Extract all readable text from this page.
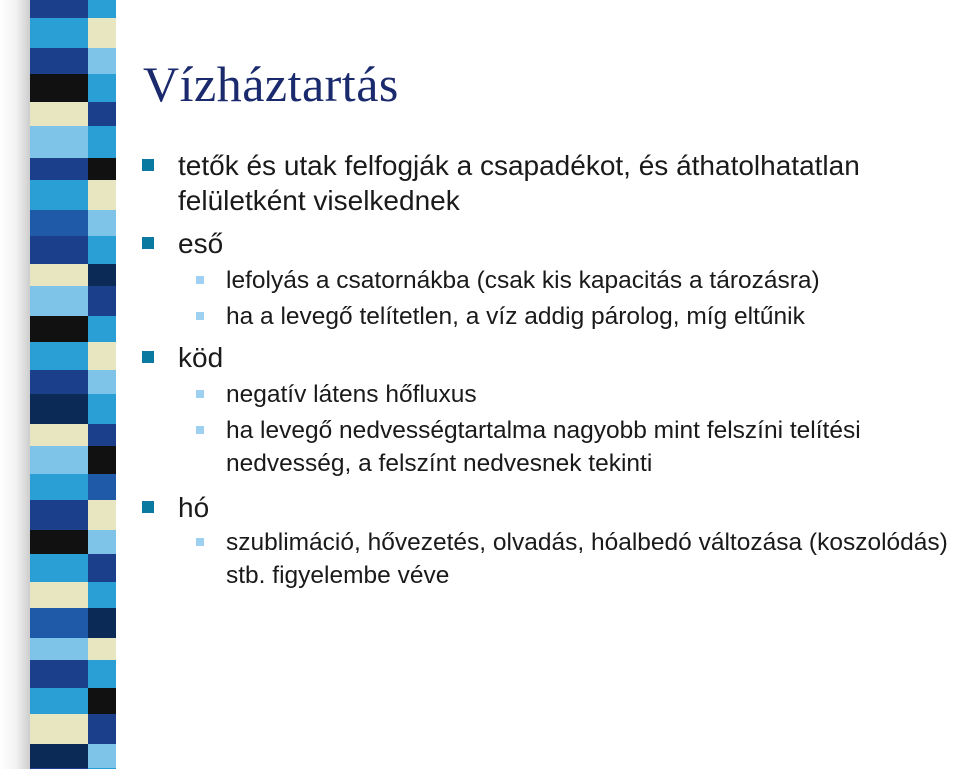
Vízháztartás
tetők és utak felfogják a csapadékot, és áthatolhatatlan felületként viselkednek
eső
lefolyás a csatornákba (csak kis kapacitás a tározásra)
ha a levegő telítetlen, a víz addig párolog, míg eltűnik
köd
negatív látens hőfluxus
ha levegő nedvességtartalma nagyobb mint felszíni telítési nedvesség, a felszínt nedvesnek tekinti
hó
szublimáció, hővezetés, olvadás, hóalbedó változása (koszolódás) stb. figyelembe véve
